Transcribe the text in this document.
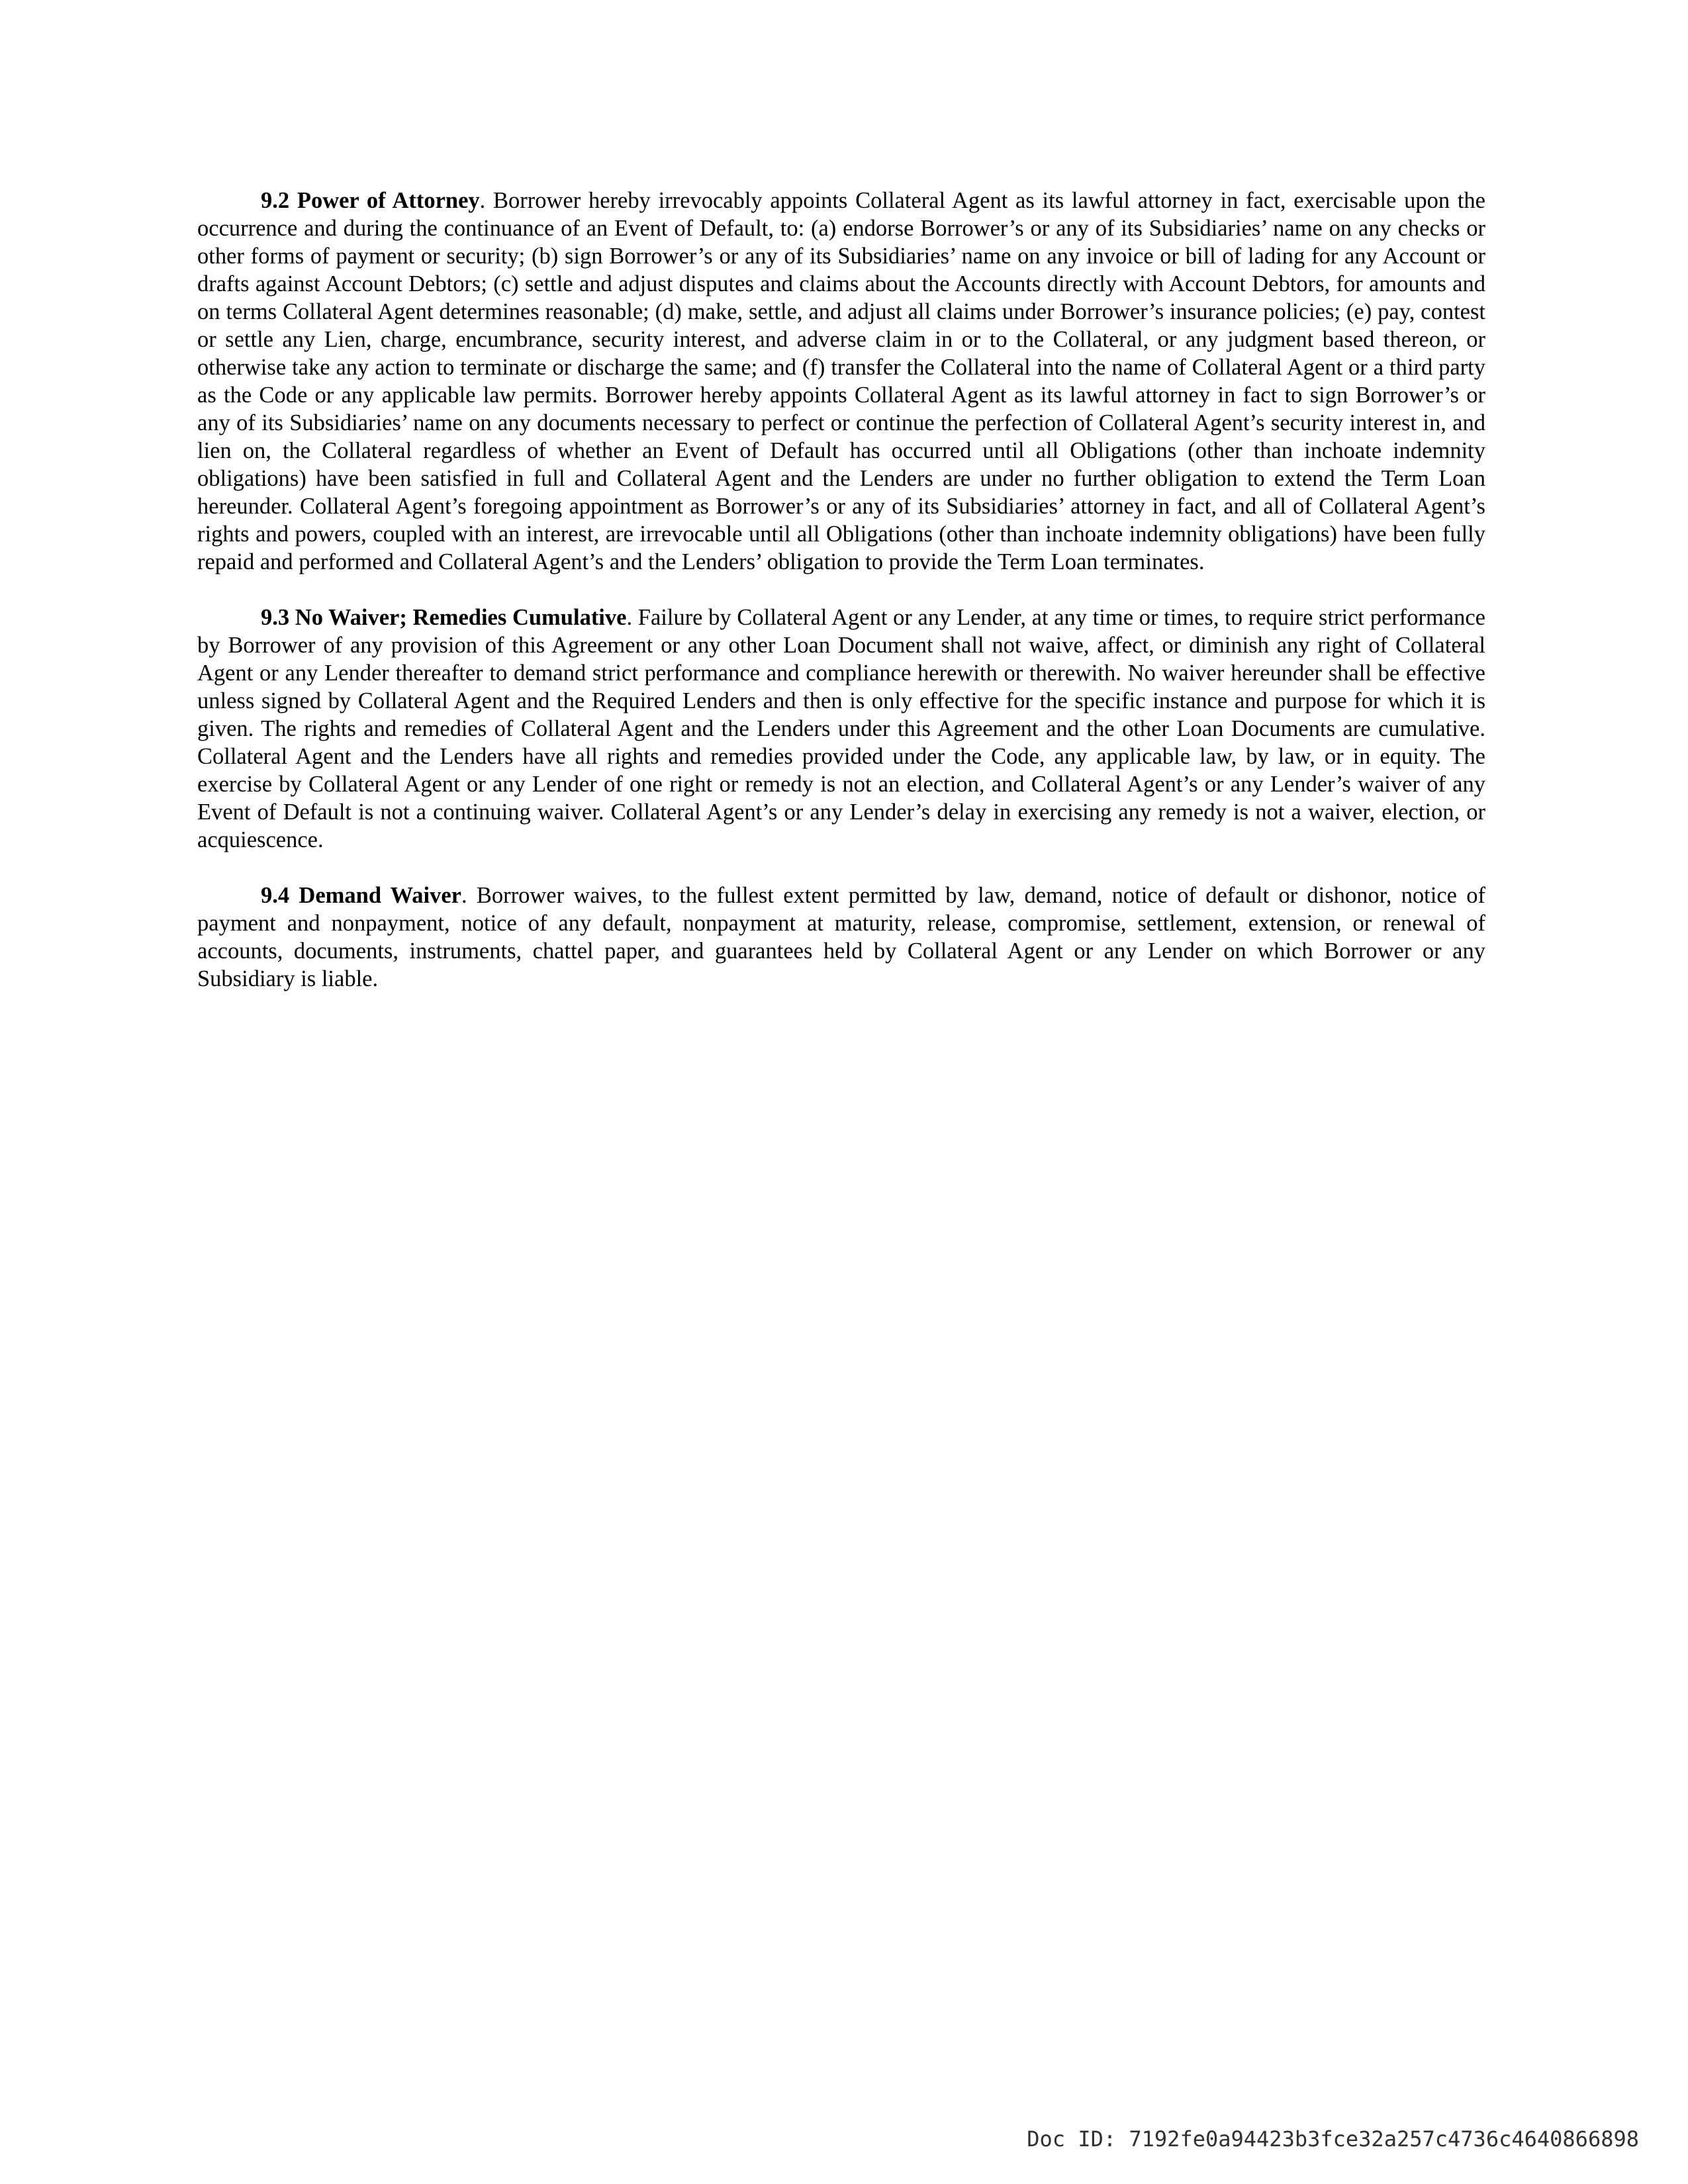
9.2 Power of Attorney. Borrower hereby irrevocably appoints Collateral Agent as its lawful attorney in fact, exercisable upon the occurrence and during the continuance of an Event of Default, to: (a) endorse Borrower’s or any of its Subsidiaries’ name on any checks or other forms of payment or security; (b) sign Borrower’s or any of its Subsidiaries’ name on any invoice or bill of lading for any Account or drafts against Account Debtors; (c) settle and adjust disputes and claims about the Accounts directly with Account Debtors, for amounts and on terms Collateral Agent determines reasonable; (d) make, settle, and adjust all claims under Borrower’s insurance policies; (e) pay, contest or settle any Lien, charge, encumbrance, security interest, and adverse claim in or to the Collateral, or any judgment based thereon, or otherwise take any action to terminate or discharge the same; and (f) transfer the Collateral into the name of Collateral Agent or a third party as the Code or any applicable law permits. Borrower hereby appoints Collateral Agent as its lawful attorney in fact to sign Borrower’s or any of its Subsidiaries’ name on any documents necessary to perfect or continue the perfection of Collateral Agent’s security interest in, and lien on, the Collateral regardless of whether an Event of Default has occurred until all Obligations (other than inchoate indemnity obligations) have been satisfied in full and Collateral Agent and the Lenders are under no further obligation to extend the Term Loan hereunder. Collateral Agent’s foregoing appointment as Borrower’s or any of its Subsidiaries’ attorney in fact, and all of Collateral Agent’s rights and powers, coupled with an interest, are irrevocable until all Obligations (other than inchoate indemnity obligations) have been fully repaid and performed and Collateral Agent’s and the Lenders’ obligation to provide the Term Loan terminates.

9.3 No Waiver; Remedies Cumulative. Failure by Collateral Agent or any Lender, at any time or times, to require strict performance by Borrower of any provision of this Agreement or any other Loan Document shall not waive, affect, or diminish any right of Collateral Agent or any Lender thereafter to demand strict performance and compliance herewith or therewith. No waiver hereunder shall be effective unless signed by Collateral Agent and the Required Lenders and then is only effective for the specific instance and purpose for which it is given. The rights and remedies of Collateral Agent and the Lenders under this Agreement and the other Loan Documents are cumulative. Collateral Agent and the Lenders have all rights and remedies provided under the Code, any applicable law, by law, or in equity. The exercise by Collateral Agent or any Lender of one right or remedy is not an election, and Collateral Agent’s or any Lender’s waiver of any Event of Default is not a continuing waiver. Collateral Agent’s or any Lender’s delay in exercising any remedy is not a waiver, election, or acquiescence.

9.4 Demand Waiver. Borrower waives, to the fullest extent permitted by law, demand, notice of default or dishonor, notice of payment and nonpayment, notice of any default, nonpayment at maturity, release, compromise, settlement, extension, or renewal of accounts, documents, instruments, chattel paper, and guarantees held by Collateral Agent or any Lender on which Borrower or any Subsidiary is liable.

Doc ID: 7192fe0a94423b3fce32a257c4736c4640866898
